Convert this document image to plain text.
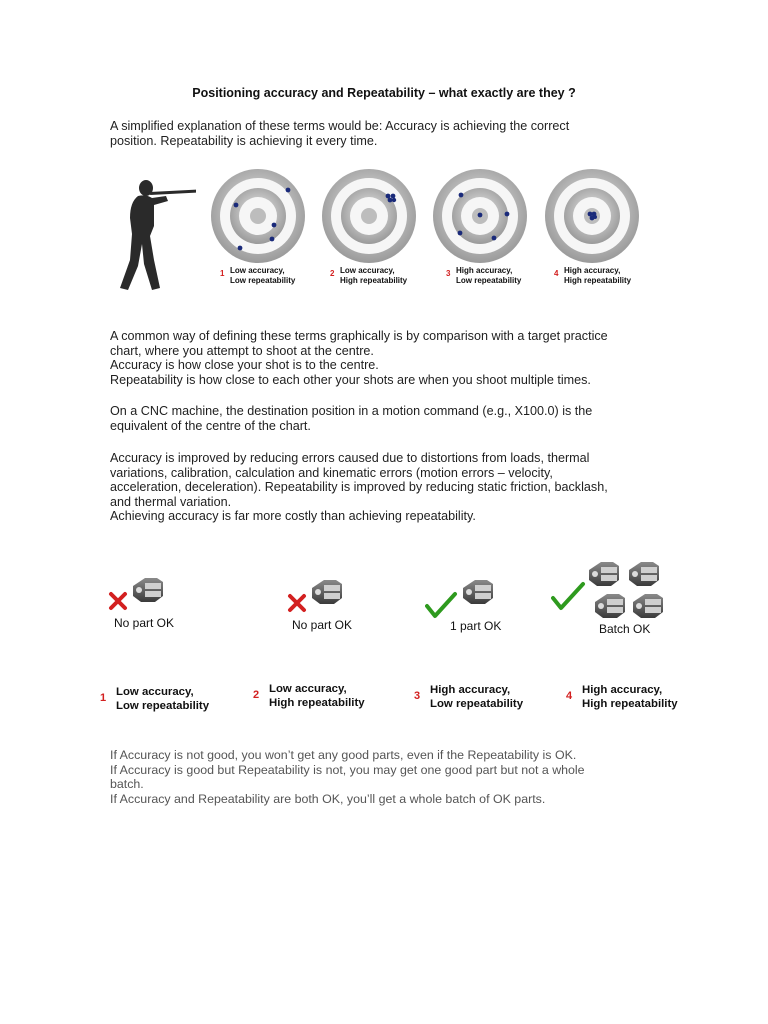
Positioning accuracy and Repeatability – what exactly are they ?
A simplified explanation of these terms would be: Accuracy is achieving the correct
position. Repeatability is achieving it every time.
1 Low accuracy,
Low repeatability
2 Low accuracy,
High repeatability
3 High accuracy,
Low repeatability
4 High accuracy,
High repeatability
A common way of defining these terms graphically is by comparison with a target practice
chart, where you attempt to shoot at the centre.
Accuracy is how close your shot is to the centre.
Repeatability is how close to each other your shots are when you shoot multiple times.
On a CNC machine, the destination position in a motion command (e.g., X100.0) is the
equivalent of the centre of the chart.
Accuracy is improved by reducing errors caused due to distortions from loads, thermal
variations, calibration, calculation and kinematic errors (motion errors – velocity,
acceleration, deceleration). Repeatability is improved by reducing static friction, backlash,
and thermal variation.
Achieving accuracy is far more costly than achieving repeatability.
No part OK	No part OK	1 part OK	Batch OK
1 Low accuracy,
Low repeatability
2 Low accuracy,
High repeatability
3 High accuracy,
Low repeatability
4 High accuracy,
High repeatability
If Accuracy is not good, you won’t get any good parts, even if the Repeatability is OK.
If Accuracy is good but Repeatability is not, you may get one good part but not a whole
batch.
If Accuracy and Repeatability are both OK, you’ll get a whole batch of OK parts.
